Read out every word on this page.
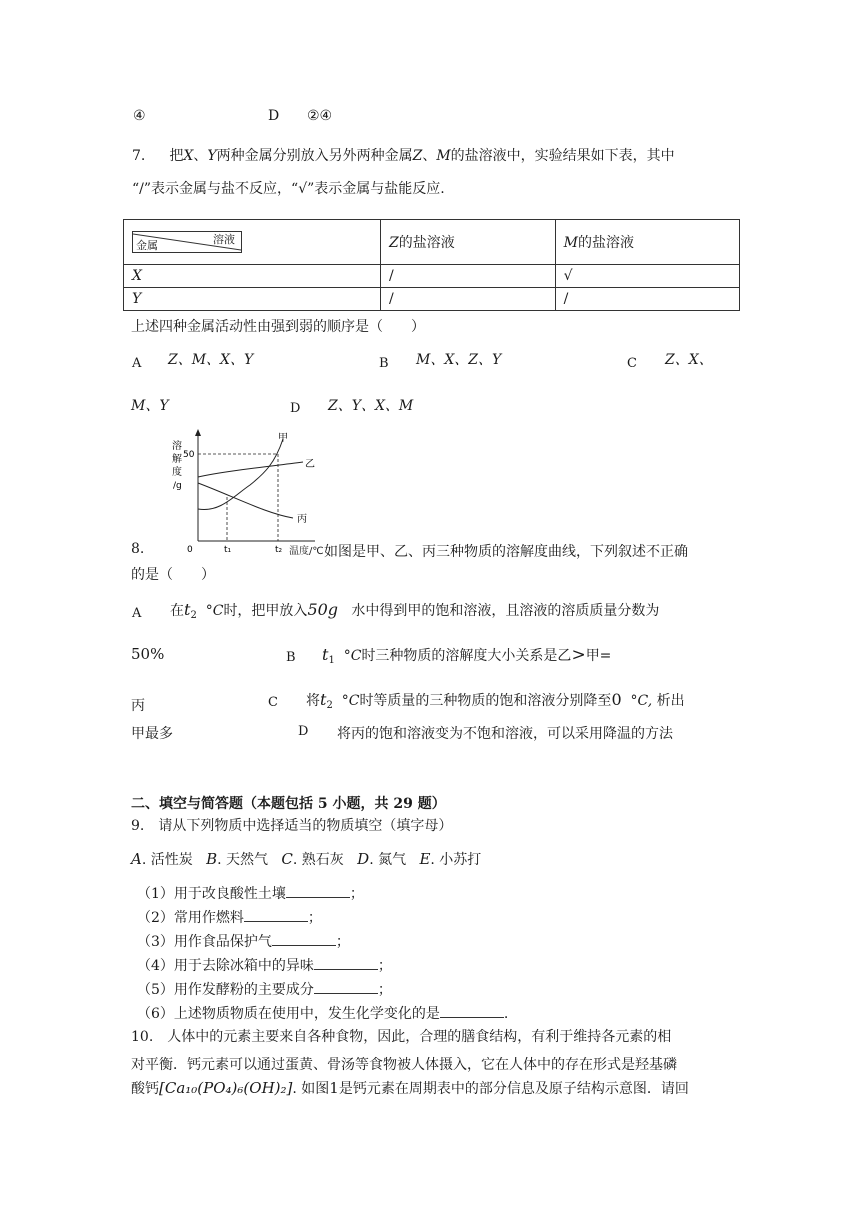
④	D ②④
7. 把X、Y两种金属分别放入另外两种金属Z、M的盐溶液中，实验结果如下表，其中
“/”表示金属与盐不反应，“√”表示金属与盐能反应.
溶液
金属	Z的盐溶液	M的盐溶液
X	/	√
Y	/	/
上述四种金属活动性由强到弱的顺序是（　　）
A Z、M、X、Y	B M、X、Z、Y	C Z、X、
M、Y	D Z、Y、X、M
溶
解
度
/g
50
0	t₁	t₂
甲
乙
丙
温度/℃
8.	如图是甲、乙、丙三种物质的溶解度曲线，下列叙述不正确
的是（　　）
A 在$t_2$ °C时，把甲放入50g 水中得到甲的饱和溶液，且溶液的溶质质量分数为
50%	B $t_1$ °C时三种物质的溶解度大小关系是乙>甲=
丙	C 将$t_2$ °C时等质量的三种物质的饱和溶液分别降至0 °C, 析出
甲最多	D 将丙的饱和溶液变为不饱和溶液，可以采用降温的方法
二、填空与简答题（本题包括 5 小题，共 29 题）
9.　请从下列物质中选择适当的物质填空（填字母）
A. 活性炭 B. 天然气 C. 熟石灰 D. 氮气 E. 小苏打
（1）用于改良酸性土壤	；
（2）常用作燃料	；
（3）用作食品保护气	；
（4）用于去除冰箱中的异味	；
（5）用作发酵粉的主要成分	；
（6）上述物质物质在使用中，发生化学变化的是	.
10.　人体中的元素主要来自各种食物，因此，合理的膳食结构，有利于维持各元素的相
对平衡．钙元素可以通过蛋黄、骨汤等食物被人体摄入，它在人体中的存在形式是羟基磷
酸钙[Ca₁₀(PO₄)₆(OH)₂]. 如图1是钙元素在周期表中的部分信息及原子结构示意图．请回
